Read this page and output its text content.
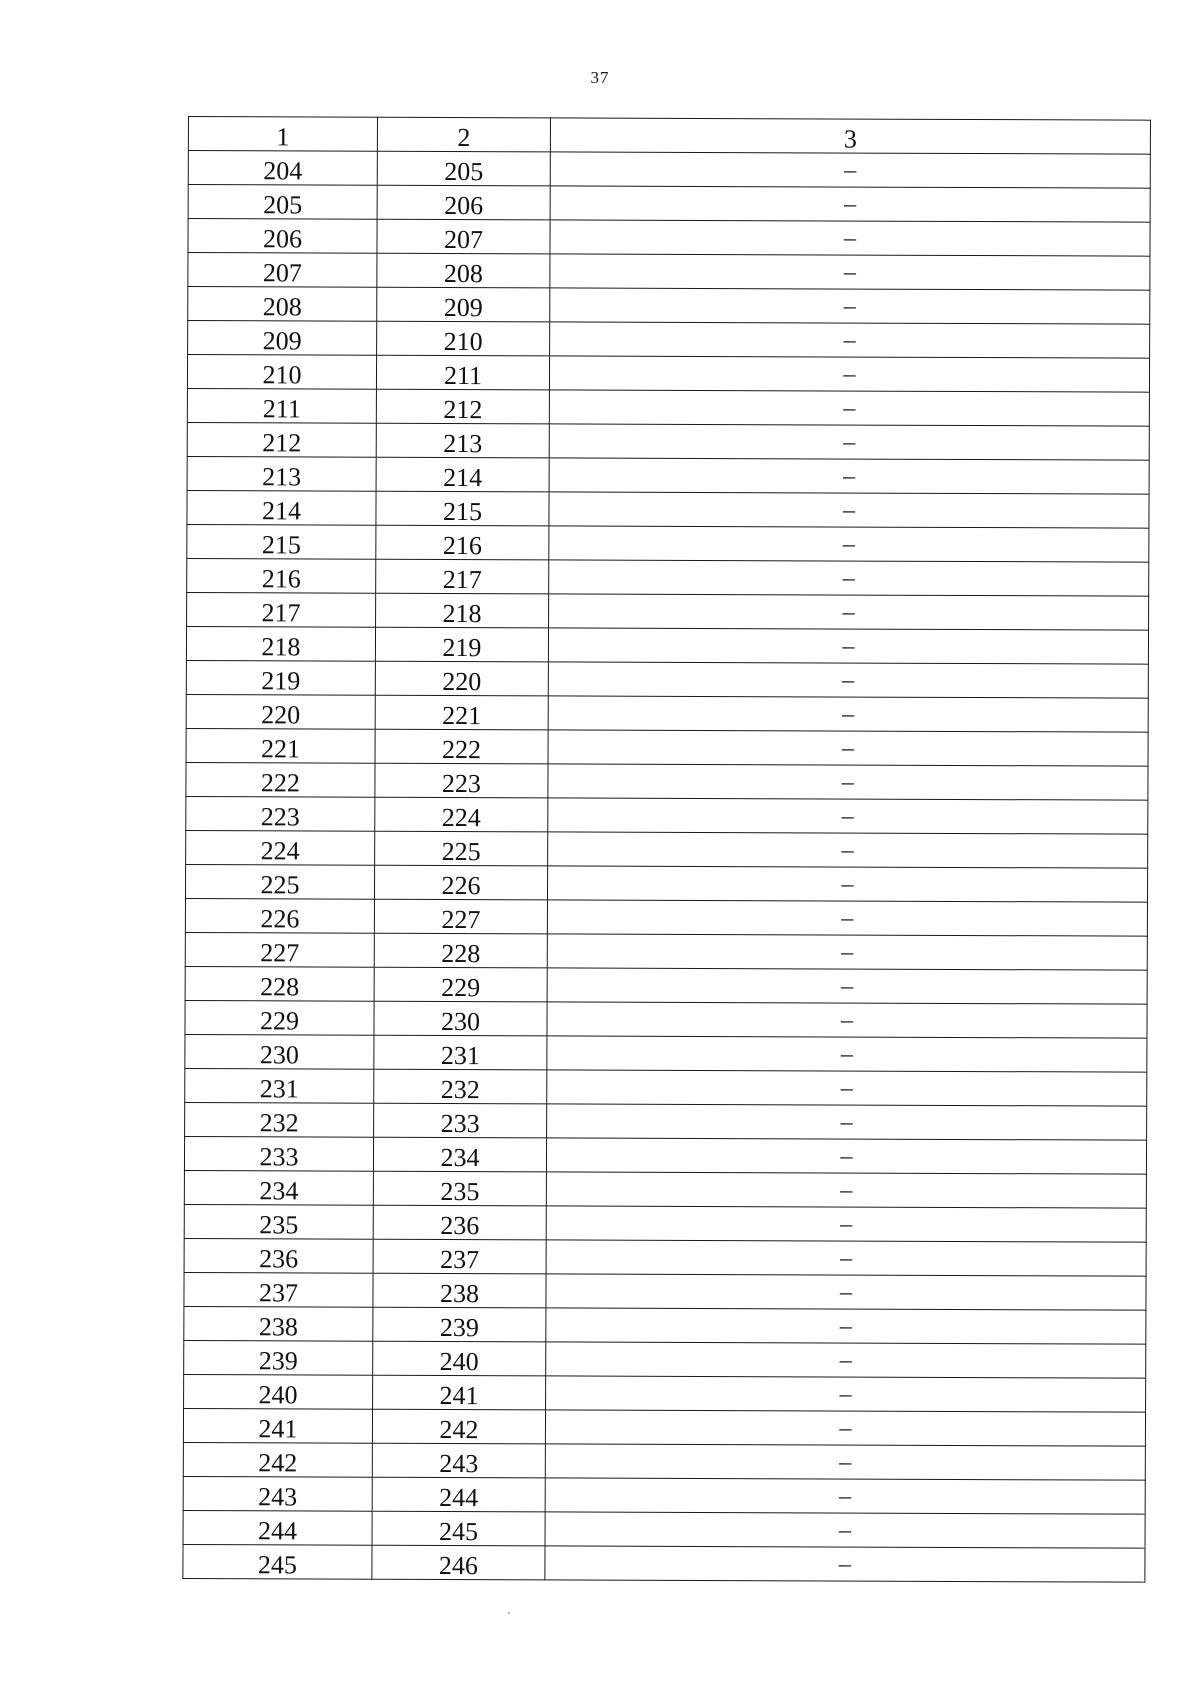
37
1	2	3
204	205	–
205	206	–
206	207	–
207	208	–
208	209	–
209	210	–
210	211	–
211	212	–
212	213	–
213	214	–
214	215	–
215	216	–
216	217	–
217	218	–
218	219	–
219	220	–
220	221	–
221	222	–
222	223	–
223	224	–
224	225	–
225	226	–
226	227	–
227	228	–
228	229	–
229	230	–
230	231	–
231	232	–
232	233	–
233	234	–
234	235	–
235	236	–
236	237	–
237	238	–
238	239	–
239	240	–
240	241	–
241	242	–
242	243	–
243	244	–
244	245	–
245	246	–
